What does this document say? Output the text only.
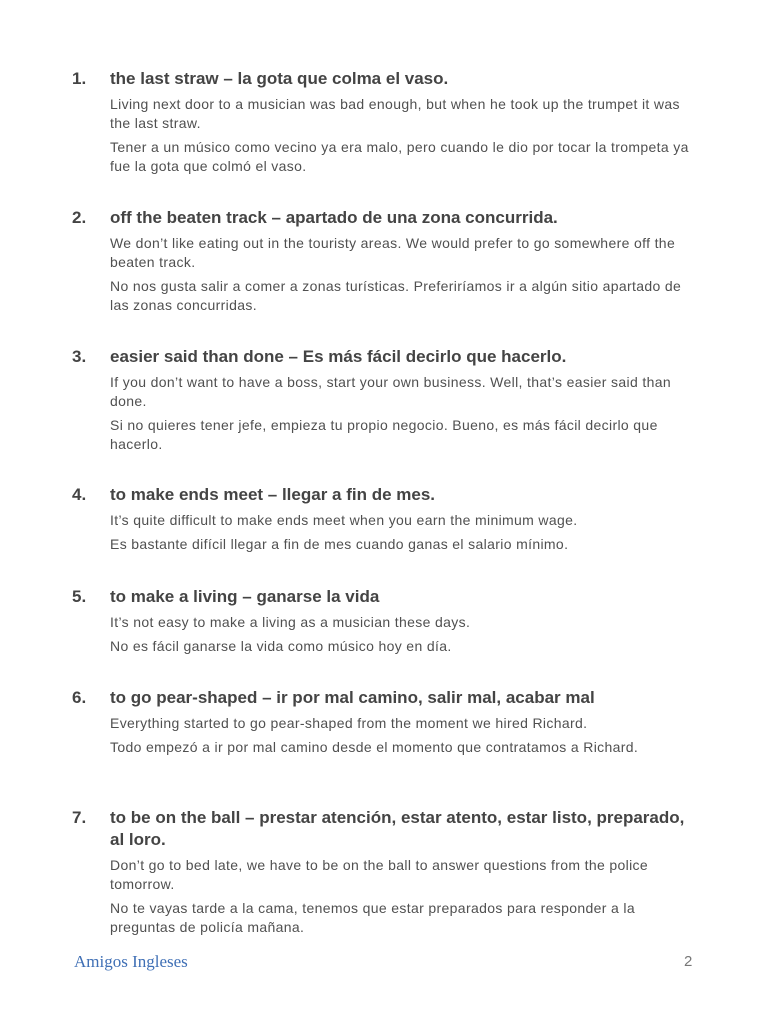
1.	the last straw – la gota que colma el vaso.
Living next door to a musician was bad enough, but when he took up the trumpet it was the last straw.
Tener a un músico como vecino ya era malo, pero cuando le dio por tocar la trompeta ya fue la gota que colmó el vaso.
2.	off the beaten track – apartado de una zona concurrida.
We don’t like eating out in the touristy areas. We would prefer to go somewhere off the beaten track.
No nos gusta salir a comer a zonas turísticas. Preferiríamos ir a algún sitio apartado de las zonas concurridas.
3.	easier said than done – Es más fácil decirlo que hacerlo.
If you don’t want to have a boss, start your own business. Well, that’s easier said than done.
Si no quieres tener jefe, empieza tu propio negocio. Bueno, es más fácil decirlo que hacerlo.
4.	to make ends meet – llegar a fin de mes.
It’s quite difficult to make ends meet when you earn the minimum wage.
Es bastante difícil llegar a fin de mes cuando ganas el salario mínimo.
5.	to make a living – ganarse la vida
It’s not easy to make a living as a musician these days.
No es fácil ganarse la vida como músico hoy en día.
6.	to go pear-shaped – ir por mal camino, salir mal, acabar mal
Everything started to go pear-shaped from the moment we hired Richard.
Todo empezó a ir por mal camino desde el momento que contratamos a Richard.
7.	to be on the ball – prestar atención, estar atento, estar listo, preparado, al loro.
Don’t go to bed late, we have to be on the ball to answer questions from the police tomorrow.
No te vayas tarde a la cama, tenemos que estar preparados para responder a la preguntas de policía mañana.
Amigos Ingleses	2
